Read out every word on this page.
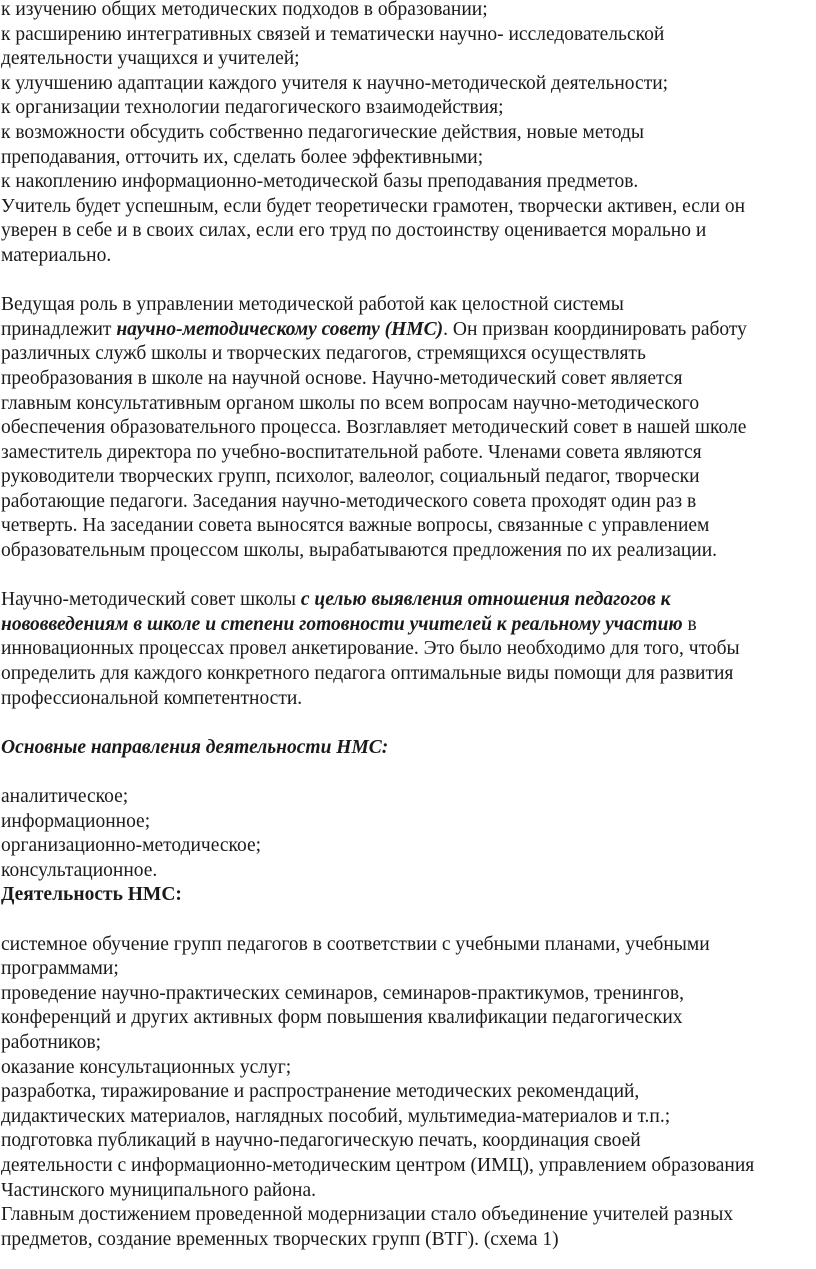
к изучению общих методических подходов в образовании;
к расширению интегративных связей и тематически научно- исследовательской
деятельности учащихся и учителей;
к улучшению адаптации каждого учителя к научно-методической деятельности;
к организации технологии педагогического взаимодействия;
к возможности обсудить собственно педагогические действия, новые методы
преподавания, отточить их, сделать более эффективными;
к накоплению информационно-методической базы преподавания предметов.
Учитель будет успешным, если будет теоретически грамотен, творчески активен, если он
уверен в себе и в своих силах, если его труд по достоинству оценивается морально и
материально.
Ведущая роль в управлении методической работой как целостной системы
принадлежит научно-методическому совету (НМС). Он призван координировать работу
различных служб школы и творческих педагогов, стремящихся осуществлять
преобразования в школе на научной основе. Научно-методический совет является
главным консультативным органом школы по всем вопросам научно-методического
обеспечения образовательного процесса. Возглавляет методический совет в нашей школе
заместитель директора по учебно-воспитательной работе. Членами совета являются
руководители творческих групп, психолог, валеолог, социальный педагог, творчески
работающие педагоги. Заседания научно-методического совета проходят один раз в
четверть. На заседании совета выносятся важные вопросы, связанные с управлением
образовательным процессом школы, вырабатываются предложения по их реализации.
Научно-методический совет школы с целью выявления отношения педагогов к
нововведениям в школе и степени готовности учителей к реальному участию в
инновационных процессах провел анкетирование. Это было необходимо для того, чтобы
определить для каждого конкретного педагога оптимальные виды помощи для развития
профессиональной компетентности.
Основные направления деятельности НМС:
аналитическое;
информационное;
организационно-методическое;
консультационное.
Деятельность НМС:
системное обучение групп педагогов в соответствии с учебными планами, учебными
программами;
проведение научно-практических семинаров, семинаров-практикумов, тренингов,
конференций и других активных форм повышения квалификации педагогических
работников;
оказание консультационных услуг;
разработка, тиражирование и распространение методических рекомендаций,
дидактических материалов, наглядных пособий, мультимедиа-материалов и т.п.;
подготовка публикаций в научно-педагогическую печать, координация своей
деятельности с информационно-методическим центром (ИМЦ), управлением образования
Частинского муниципального района.
Главным достижением проведенной модернизации стало объединение учителей разных
предметов, создание временных творческих групп (ВТГ). (схема 1)
